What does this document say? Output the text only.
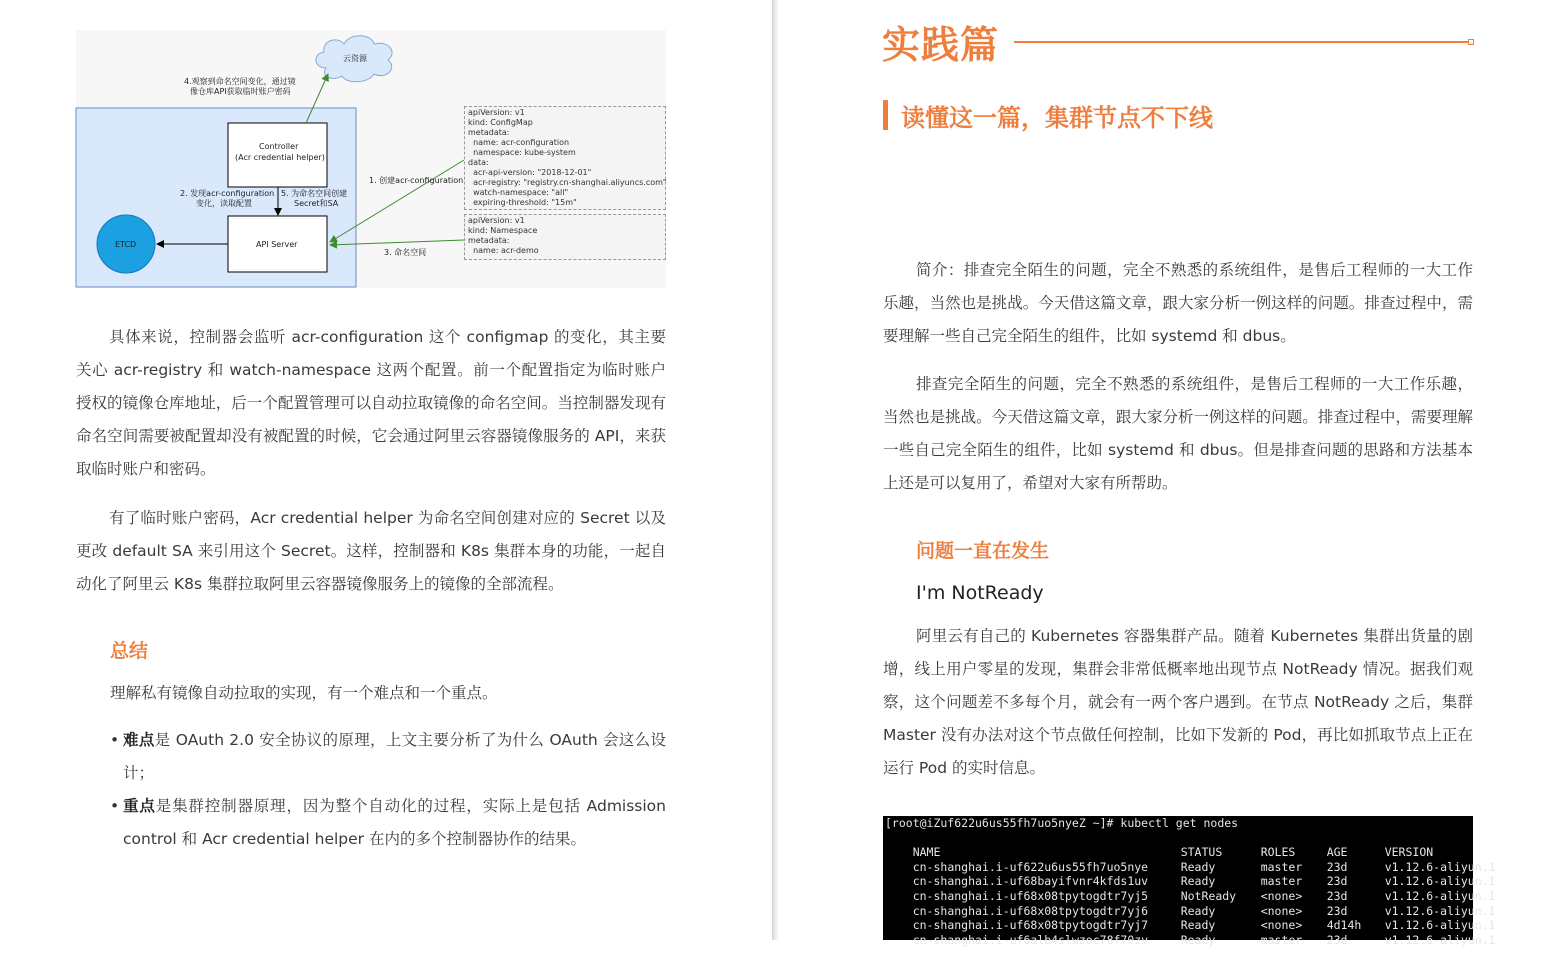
云资源
Controller
(Acr credential helper)
API Server
ETCD
4.观察到命名空间变化，通过镜
像仓库API获取临时账户密码
2. 发现acr-configuration
变化，读取配置
5. 为命名空间创建
Secret和SA
1. 创建acr-configuration
3. 命名空间
apiVersion: v1
kind: ConfigMap
metadata:
name: acr-configuration
namespace: kube-system
data:
acr-api-version: "2018-12-01"
acr-registry: "registry.cn-shanghai.aliyuncs.com"
watch-namespace: "all"
expiring-threshold: "15m"
apiVersion: v1
kind: Namespace
metadata:
name: acr-demo

具体来说，控制器会监听 acr-configuration 这个 configmap 的变化，其主要关心 acr-registry 和 watch-namespace 这两个配置。前一个配置指定为临时账户授权的镜像仓库地址，后一个配置管理可以自动拉取镜像的命名空间。当控制器发现有命名空间需要被配置却没有被配置的时候，它会通过阿里云容器镜像服务的 API，来获取临时账户和密码。

有了临时账户密码，Acr credential helper 为命名空间创建对应的 Secret 以及更改 default SA 来引用这个 Secret。这样，控制器和 K8s 集群本身的功能，一起自动化了阿里云 K8s 集群拉取阿里云容器镜像服务上的镜像的全部流程。

总结

理解私有镜像自动拉取的实现，有一个难点和一个重点。

• 难点是 OAuth 2.0 安全协议的原理，上文主要分析了为什么 OAuth 会这么设计；
• 重点是集群控制器原理，因为整个自动化的过程，实际上是包括 Admission control 和 Acr credential helper 在内的多个控制器协作的结果。
实践篇
读懂这一篇，集群节点不下线

简介：排查完全陌生的问题，完全不熟悉的系统组件，是售后工程师的一大工作乐趣，当然也是挑战。今天借这篇文章，跟大家分析一例这样的问题。排查过程中，需要理解一些自己完全陌生的组件，比如 systemd 和 dbus。

排查完全陌生的问题，完全不熟悉的系统组件，是售后工程师的一大工作乐趣，当然也是挑战。今天借这篇文章，跟大家分析一例这样的问题。排查过程中，需要理解一些自己完全陌生的组件，比如 systemd 和 dbus。但是排查问题的思路和方法基本上还是可以复用了，希望对大家有所帮助。

问题一直在发生
I'm NotReady

阿里云有自己的 Kubernetes 容器集群产品。随着 Kubernetes 集群出货量的剧增，线上用户零星的发现，集群会非常低概率地出现节点 NotReady 情况。据我们观察，这个问题差不多每个月，就会有一两个客户遇到。在节点 NotReady 之后，集群 Master 没有办法对这个节点做任何控制，比如下发新的 Pod，再比如抓取节点上正在运行 Pod 的实时信息。

[root@iZuf622u6us55fh7uo5nyeZ ~]# kubectl get nodes

NAME	STATUS	ROLES	AGE	VERSION

cn-shanghai.i-uf622u6us55fh7uo5nye	Ready	master 23d	v1.12.6-aliyun.1

cn-shanghai.i-uf68bayifvnr4kfds1uv	Ready	master 23d	v1.12.6-aliyun.1

cn-shanghai.i-uf68x08tpytogdtr7yj5	NotReady <none> 23d	v1.12.6-aliyun.1

cn-shanghai.i-uf68x08tpytogdtr7yj6	Ready	<none> 23d	v1.12.6-aliyun.1

cn-shanghai.i-uf68x08tpytogdtr7yj7	Ready	<none> 4d14h v1.12.6-aliyun.1

cn-shanghai.i-uf6alb4slwzoc78f70zv	Ready	master 23d	v1.12.6-aliyun.1
